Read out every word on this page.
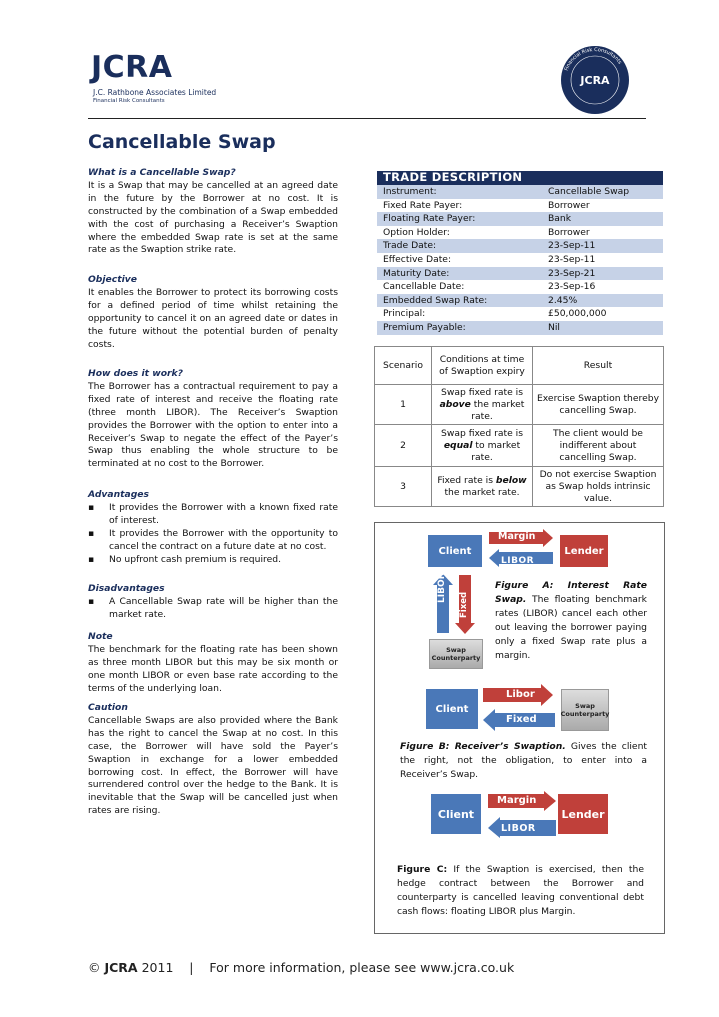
JCRA
J.C. Rathbone Associates Limited
Financial Risk Consultants
Financial Risk Consultants
JCRA
Cancellable Swap
What is a Cancellable Swap?

It is a Swap that may be cancelled at an agreed date in the future by the Borrower at no cost. It is constructed by the combination of a Swap embedded with the cost of purchasing a Receiver’s Swaption where the embedded Swap rate is set at the same rate as the Swaption strike rate.

Objective

It enables the Borrower to protect its borrowing costs for a defined period of time whilst retaining the opportunity to cancel it on an agreed date or dates in the future without the potential burden of penalty costs.

How does it work?

The Borrower has a contractual requirement to pay a fixed rate of interest and receive the floating rate (three month LIBOR). The Receiver’s Swaption provides the Borrower with the option to enter into a Receiver’s Swap to negate the effect of the Payer’s Swap thus enabling the whole structure to be terminated at no cost to the Borrower.

Advantages
▪ It provides the Borrower with a known fixed rate of interest.
▪ It provides the Borrower with the opportunity to cancel the contract on a future date at no cost.
▪ No upfront cash premium is required.
Disadvantages
▪ A Cancellable Swap rate will be higher than the market rate.
Note

The benchmark for the floating rate has been shown as three month LIBOR but this may be six month or one month LIBOR or even base rate according to the terms of the underlying loan.

Caution

Cancellable Swaps are also provided where the Bank has the right to cancel the Swap at no cost. In this case, the Borrower will have sold the Payer’s Swaption in exchange for a lower embedded borrowing cost. In effect, the Borrower will have surrendered control over the hedge to the Bank. It is inevitable that the Swap will be cancelled just when rates are rising.

TRADE DESCRIPTION	
Instrument:	Cancellable Swap
Fixed Rate Payer:	Borrower
Floating Rate Payer:	Bank
Option Holder:	Borrower
Trade Date:	23-Sep-11
Effective Date:	23-Sep-11
Maturity Date:	23-Sep-21
Cancellable Date:	23-Sep-16
Embedded Swap Rate:	2.45%
Principal:	£50,000,000
Premium Payable:	Nil
Scenario	Conditions at time of Swaption expiry	Result
1	Swap fixed rate is above the market rate.	Exercise Swaption thereby cancelling Swap.
2	Swap fixed rate is equal to market rate.	The client would be indifferent about cancelling Swap.
3	Fixed rate is below the market rate.	Do not exercise Swaption as Swap holds intrinsic value.
Client	Lender
Margin
LIBOR
LIBOR
Fixed
Swap Counterparty
Figure A: Interest Rate Swap. The floating benchmark rates (LIBOR) cancel each other out leaving the borrower paying only a fixed Swap rate plus a margin.
Client
Libor
Fixed
Swap Counterparty
Figure B: Receiver’s Swaption. Gives the client the right, not the obligation, to enter into a Receiver’s Swap.
Client
Margin
LIBOR
Lender
Figure C: If the Swaption is exercised, then the hedge contract between the Borrower and counterparty is cancelled leaving conventional debt cash flows: floating LIBOR plus Margin.
© JCRA 2011    |    For more information, please see www.jcra.co.uk
